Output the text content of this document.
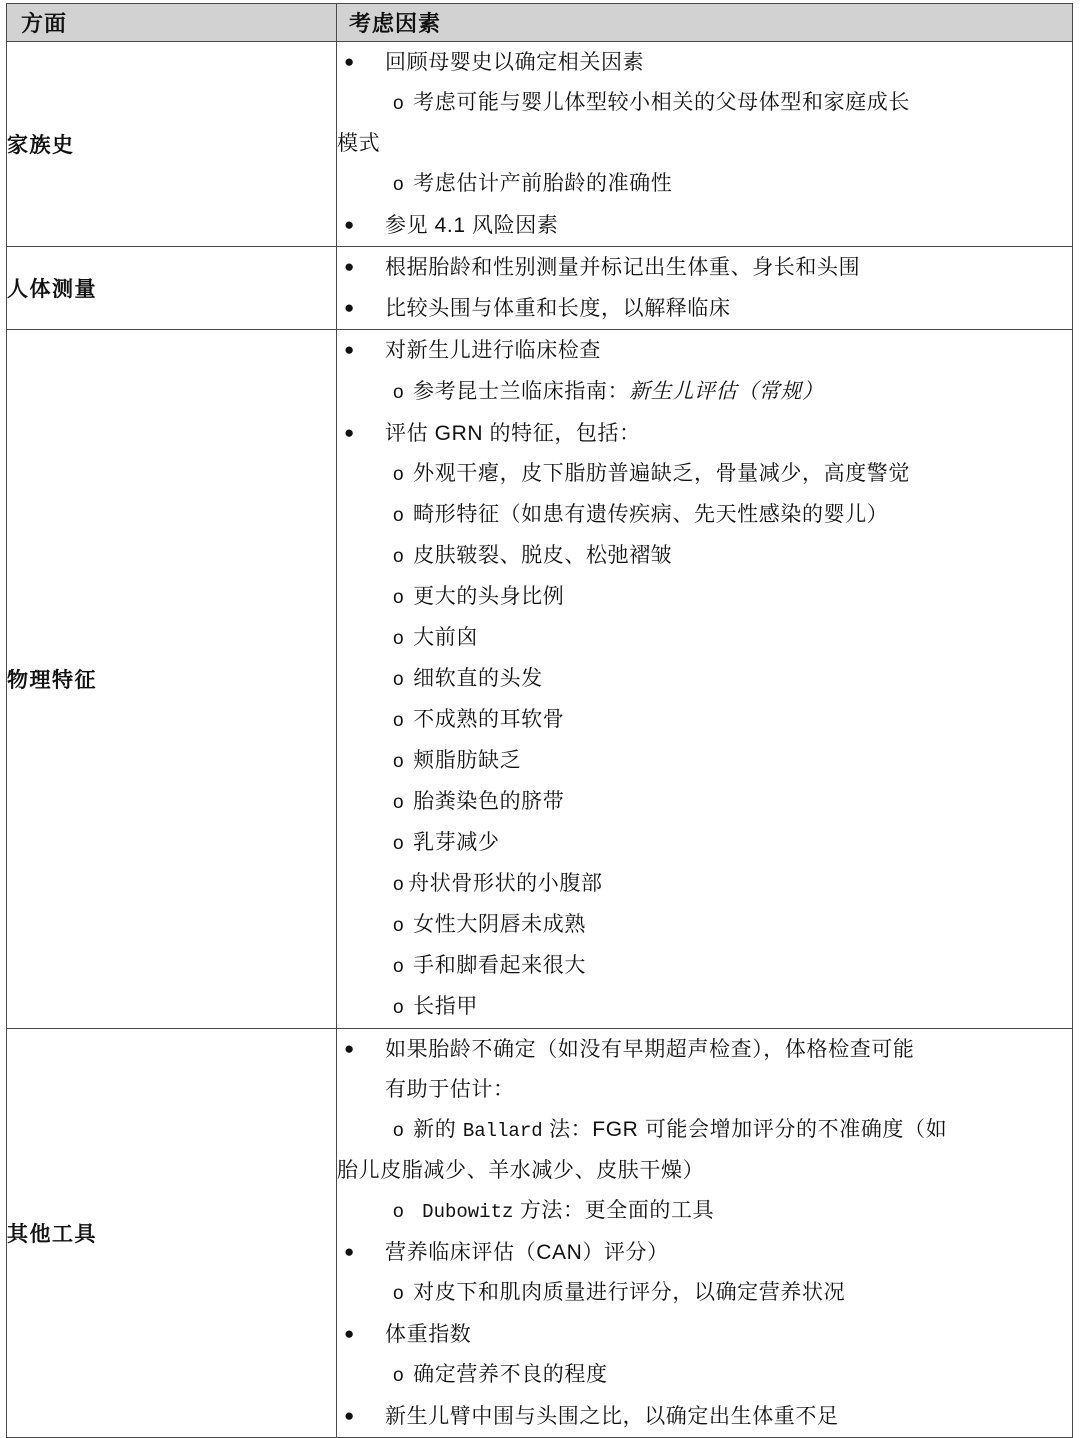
方面	考虑因素
家族史	● 回顾母婴史以确定相关因素
o 考虑可能与婴儿体型较小相关的父母体型和家庭成长
模式
o 考虑估计产前胎龄的准确性
● 参见 4.1 风险因素

人体测量	● 根据胎龄和性别测量并标记出生体重、身长和头围
● 比较头围与体重和长度，以解释临床

物理特征	
● 对新生儿进行临床检查
o 参考昆士兰临床指南：新生儿评估（常规）
● 评估 GRN 的特征，包括：
o 外观干瘪，皮下脂肪普遍缺乏，骨量减少，高度警觉
o 畸形特征（如患有遗传疾病、先天性感染的婴儿）
o 皮肤皲裂、脱皮、松弛褶皱
o 更大的头身比例
o 大前囟
o 细软直的头发
o 不成熟的耳软骨
o 颊脂肪缺乏
o 胎粪染色的脐带
o 乳芽减少
o 舟状骨形状的小腹部
o 女性大阴唇未成熟
o 手和脚看起来很大
o 长指甲

其他工具	
● 如果胎龄不确定（如没有早期超声检查），体格检查可能
有助于估计：
o 新的 Ballard 法：FGR 可能会增加评分的不准确度（如
胎儿皮脂减少、羊水减少、皮肤干燥）
o Dubowitz 方法：更全面的工具
● 营养临床评估（CAN）评分）
o 对皮下和肌肉质量进行评分，以确定营养状况
● 体重指数
o 确定营养不良的程度
● 新生儿臂中围与头围之比，以确定出生体重不足
